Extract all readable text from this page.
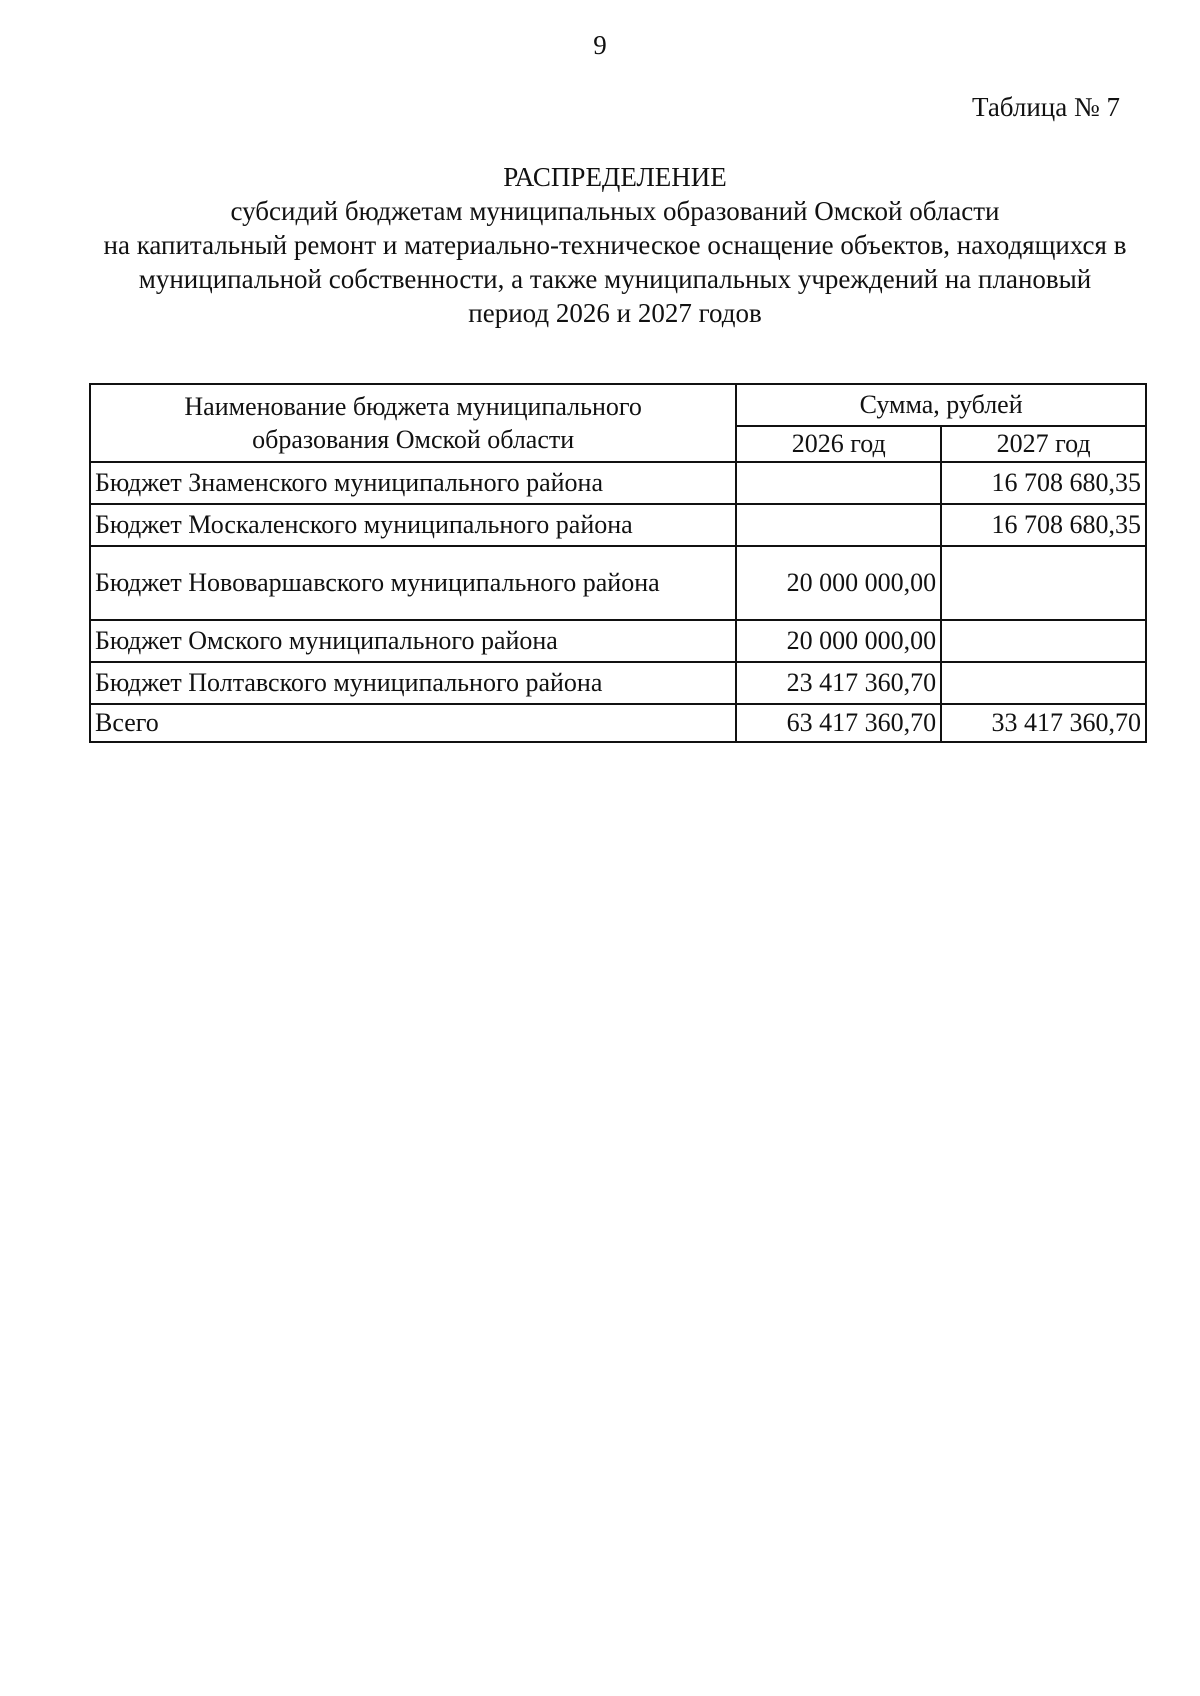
9
Таблица № 7
РАСПРЕДЕЛЕНИЕ
субсидий бюджетам муниципальных образований Омской области
на капитальный ремонт и материально-техническое оснащение объектов, находящихся в
муниципальной собственности, а также муниципальных учреждений на плановый
период 2026 и 2027 годов
Наименование бюджета муниципального
образования Омской области	Сумма, рублей	
	2026 год	2027 год
Бюджет Знаменского муниципального района		16 708 680,35
Бюджет Москаленского муниципального района		16 708 680,35
Бюджет Нововаршавского муниципального района	20 000 000,00	
Бюджет Омского муниципального района	20 000 000,00	
Бюджет Полтавского муниципального района	23 417 360,70	
Всего	63 417 360,70	33 417 360,70
